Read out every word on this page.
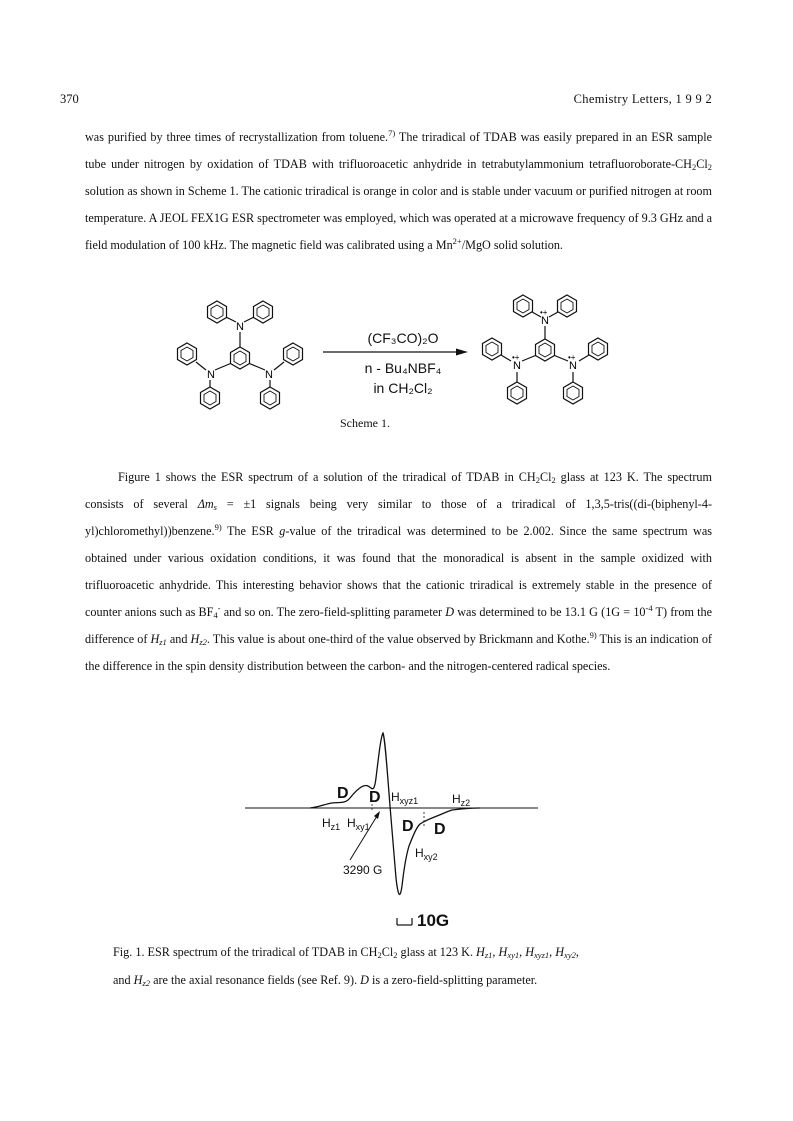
370	Chemistry Letters, 1 9 9 2

was purified by three times of recrystallization from toluene.$^{7)}$ The triradical of TDAB was easily prepared in an ESR sample tube under nitrogen by oxidation of TDAB with trifluoroacetic anhydride in tetrabutylammonium tetrafluoroborate-$CH_2Cl_2$ solution as shown in Scheme 1. The cationic triradical is orange in color and is stable under vacuum or purified nitrogen at room temperature. A JEOL FEX1G ESR spectrometer was employed, which was operated at a microwave frequency of 9.3 GHz and a field modulation of 100 kHz. The magnetic field was calibrated using a $Mn^{2+}$/MgO solid solution.

N
N	N
N
•+
N
•+
N
•+
(CF₃CO)₂O
n - Bu₄NBF₄
in CH₂Cl₂
Scheme 1.

Figure 1 shows the ESR spectrum of a solution of the triradical of TDAB in $CH_2Cl_2$ glass at 123 K. The spectrum consists of several $\Delta m_s = \pm 1$ signals being very similar to those of a triradical of 1,3,5-tris((di-(biphenyl-4-yl)chloromethyl))benzene.$^{9)}$ The ESR g-value of the triradical was determined to be 2.002. Since the same spectrum was obtained under various oxidation conditions, it was found that the monoradical is absent in the sample oxidized with trifluoroacetic anhydride. This interesting behavior shows that the cationic triradical is extremely stable in the presence of counter anions such as $BF_4^-$ and so on. The zero-field-splitting parameter D was determined to be 13.1 G ($1G = 10^{-4}$ T) from the difference of $H_{z1}$ and $H_{z2}$. This value is about one-third of the value observed by Brickmann and Kothe.$^{9)}$ This is an indication of the difference in the spin density distribution between the carbon- and the nitrogen-centered radical species.

D D $H_{xyz1}$	$H_{z2}$
$H_{z1}$ $H_{xy1}$ D D
$H_{xy2}$
3290 G
10G

Fig. 1. ESR spectrum of the triradical of TDAB in $CH_2Cl_2$ glass at 123 K. $H_{z1}$, $H_{xy1}$, $H_{xyz1}$, $H_{xy2}$,

and $H_{z2}$ are the axial resonance fields (see Ref. 9). D is a zero-field-splitting parameter.
